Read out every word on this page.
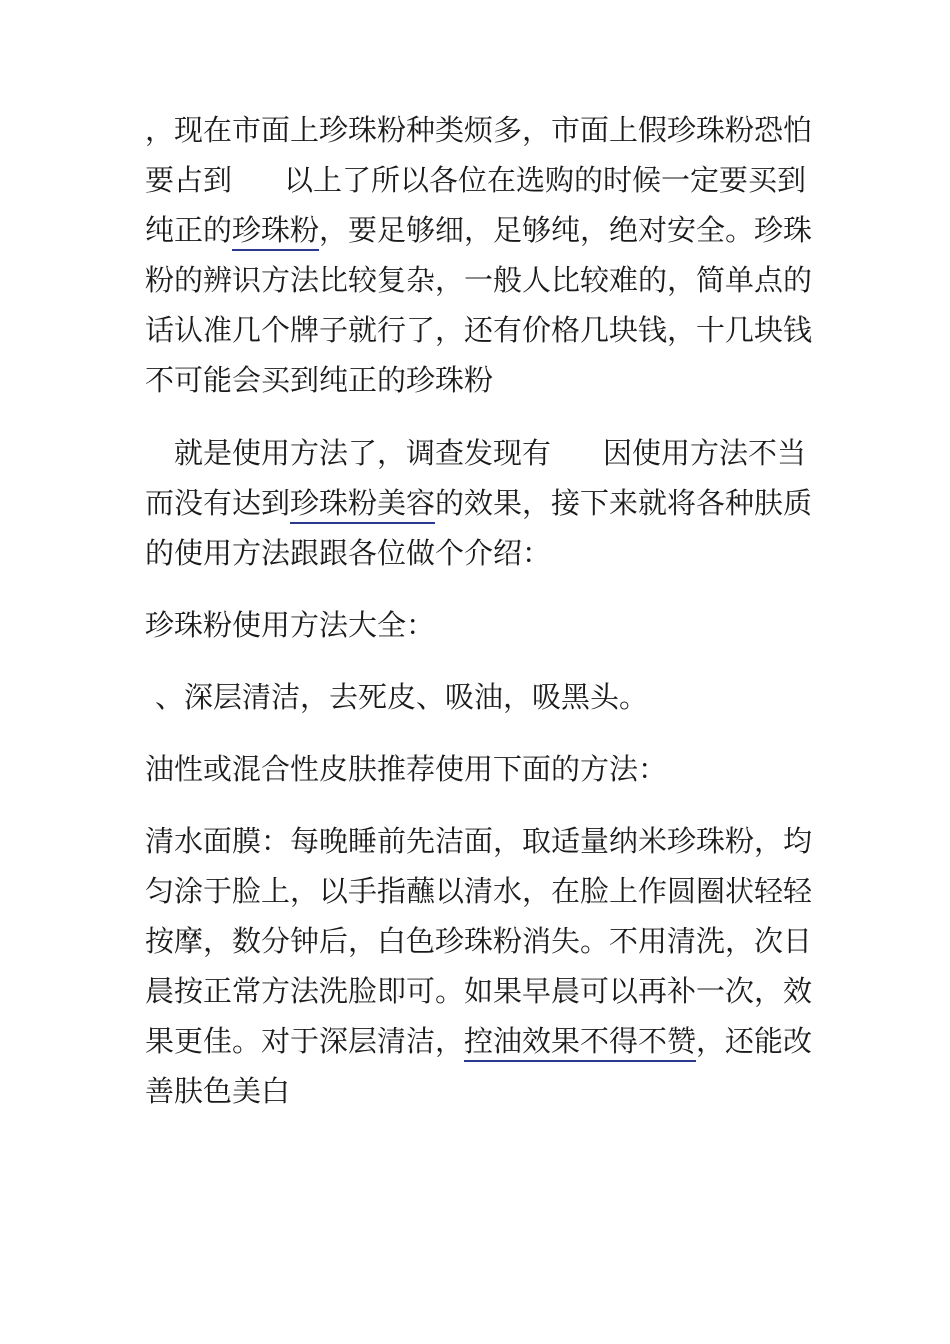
，现在市面上珍珠粉种类烦多，市面上假珍珠粉恐怕
要占到 以上了所以各位在选购的时候一定要买到
纯正的珍珠粉，要足够细，足够纯，绝对安全。珍珠
粉的辨识方法比较复杂，一般人比较难的，简单点的
话认准几个牌子就行了，还有价格几块钱，十几块钱
不可能会买到纯正的珍珠粉

就是使用方法了，调查发现有 因使用方法不当
而没有达到珍珠粉美容的效果，接下来就将各种肤质
的使用方法跟跟各位做个介绍：

珍珠粉使用方法大全：

、深层清洁，去死皮、吸油，吸黑头。

油性或混合性皮肤推荐使用下面的方法：

清水面膜：每晚睡前先洁面，取适量纳米珍珠粉，均
匀涂于脸上，以手指蘸以清水，在脸上作圆圈状轻轻
按摩，数分钟后，白色珍珠粉消失。不用清洗，次日
晨按正常方法洗脸即可。如果早晨可以再补一次，效
果更佳。对于深层清洁，控油效果不得不赞，还能改
善肤色美白
